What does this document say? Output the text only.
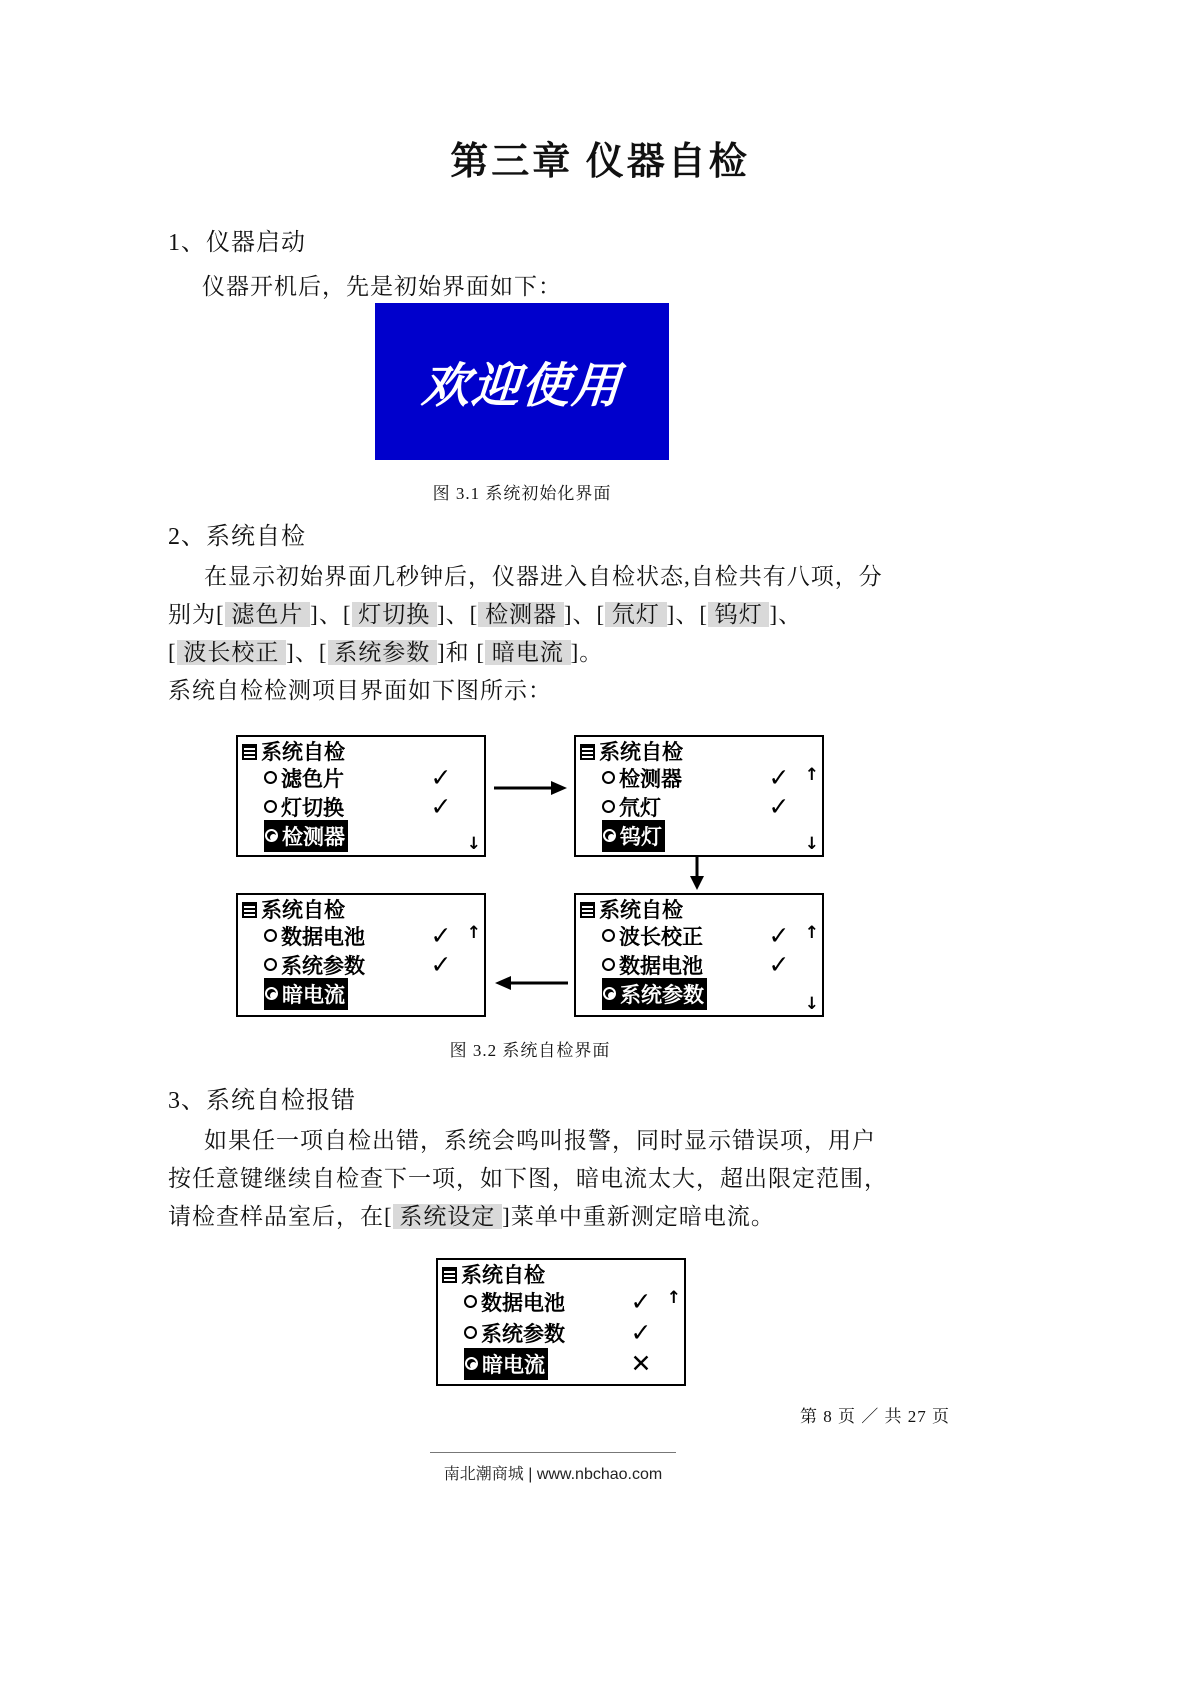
第三章 仪器自检
1、仪器启动
仪器开机后，先是初始界面如下：
欢迎使用
图 3.1 系统初始化界面
2、系统自检

在显示初始界面几秒钟后，仪器进入自检状态,自检共有八项，分

别为[ 滤色片 ]、[ 灯切换 ]、[ 检测器 ]、[ 氘灯 ]、[ 钨灯 ]、

[ 波长校正 ]、[ 系统参数 ]和 [ 暗电流 ]。

系统自检检测项目界面如下图所示：

系统自检
滤色片	✓
灯切换	✓
检测器	↓
系统自检
检测器	✓
氘灯	✓
钨灯
↑
↓
系统自检
数据电池	✓
系统参数	✓
暗电流
↑
系统自检
波长校正	✓
数据电池	✓
系统参数
↑
↓
图 3.2 系统自检界面
3、系统自检报错

如果任一项自检出错，系统会鸣叫报警，同时显示错误项，用户

按任意键继续自检查下一项，如下图，暗电流太大，超出限定范围，

请检查样品室后，在[ 系统设定 ]菜单中重新测定暗电流。

系统自检
数据电池	✓
系统参数	✓
暗电流	✕
↑
第 8 页 ／ 共 27 页
南北潮商城 | www.nbchao.com
